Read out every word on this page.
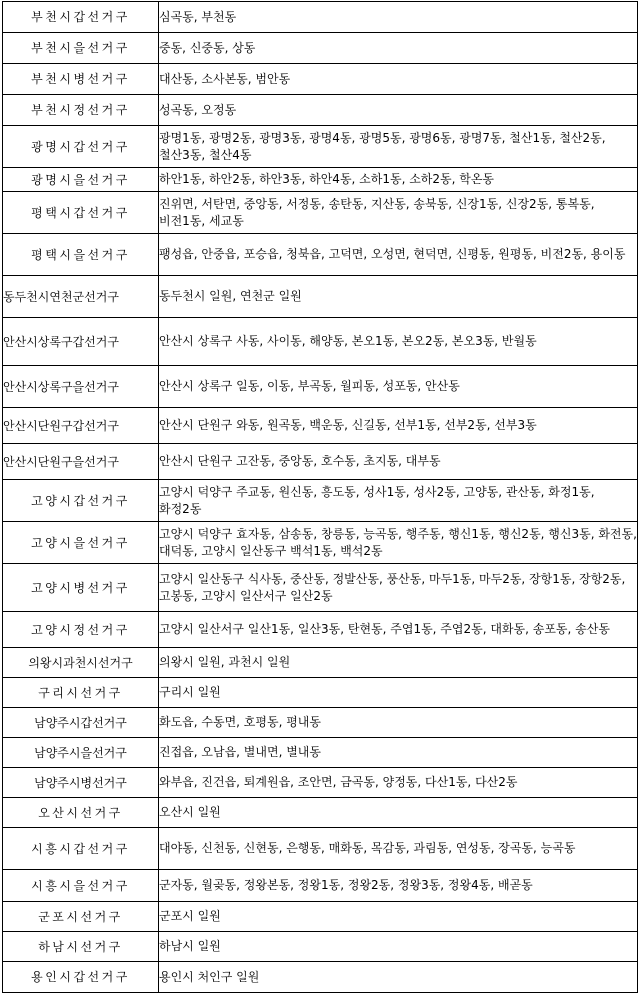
부천시갑선거구	심곡동, 부천동
부천시을선거구	중동, 신중동, 상동
부천시병선거구	대산동, 소사본동, 범안동
부천시정선거구	성곡동, 오정동
광명시갑선거구	광명1동, 광명2동, 광명3동, 광명4동, 광명5동, 광명6동, 광명7동, 철산1동, 철산2동, 철산3동, 철산4동
광명시을선거구	하안1동, 하안2동, 하안3동, 하안4동, 소하1동, 소하2동, 학온동
평택시갑선거구	진위면, 서탄면, 중앙동, 서정동, 송탄동, 지산동, 송북동, 신장1동, 신장2동, 통복동, 비전1동, 세교동
평택시을선거구	팽성읍, 안중읍, 포승읍, 청북읍, 고덕면, 오성면, 현덕면, 신평동, 원평동, 비전2동, 용이동
동두천시연천군선거구	동두천시 일원, 연천군 일원
안산시상록구갑선거구	안산시 상록구 사동, 사이동, 해양동, 본오1동, 본오2동, 본오3동, 반월동
안산시상록구을선거구	안산시 상록구 일동, 이동, 부곡동, 월피동, 성포동, 안산동
안산시단원구갑선거구	안산시 단원구 와동, 원곡동, 백운동, 신길동, 선부1동, 선부2동, 선부3동
안산시단원구을선거구	안산시 단원구 고잔동, 중앙동, 호수동, 초지동, 대부동
고양시갑선거구	고양시 덕양구 주교동, 원신동, 흥도동, 성사1동, 성사2동, 고양동, 관산동, 화정1동, 화정2동
고양시을선거구	고양시 덕양구 효자동, 삼송동, 창릉동, 능곡동, 행주동, 행신1동, 행신2동, 행신3동, 화전동, 대덕동, 고양시 일산동구 백석1동, 백석2동
고양시병선거구	고양시 일산동구 식사동, 중산동, 정발산동, 풍산동, 마두1동, 마두2동, 장항1동, 장항2동, 고봉동, 고양시 일산서구 일산2동
고양시정선거구	고양시 일산서구 일산1동, 일산3동, 탄현동, 주엽1동, 주엽2동, 대화동, 송포동, 송산동
의왕시과천시선거구	의왕시 일원, 과천시 일원
구리시선거구	구리시 일원
남양주시갑선거구	화도읍, 수동면, 호평동, 평내동
남양주시을선거구	진접읍, 오남읍, 별내면, 별내동
남양주시병선거구	와부읍, 진건읍, 퇴계원읍, 조안면, 금곡동, 양정동, 다산1동, 다산2동
오산시선거구	오산시 일원
시흥시갑선거구	대야동, 신천동, 신현동, 은행동, 매화동, 목감동, 과림동, 연성동, 장곡동, 능곡동
시흥시을선거구	군자동, 월곶동, 정왕본동, 정왕1동, 정왕2동, 정왕3동, 정왕4동, 배곧동
군포시선거구	군포시 일원
하남시선거구	하남시 일원
용인시갑선거구	용인시 처인구 일원
